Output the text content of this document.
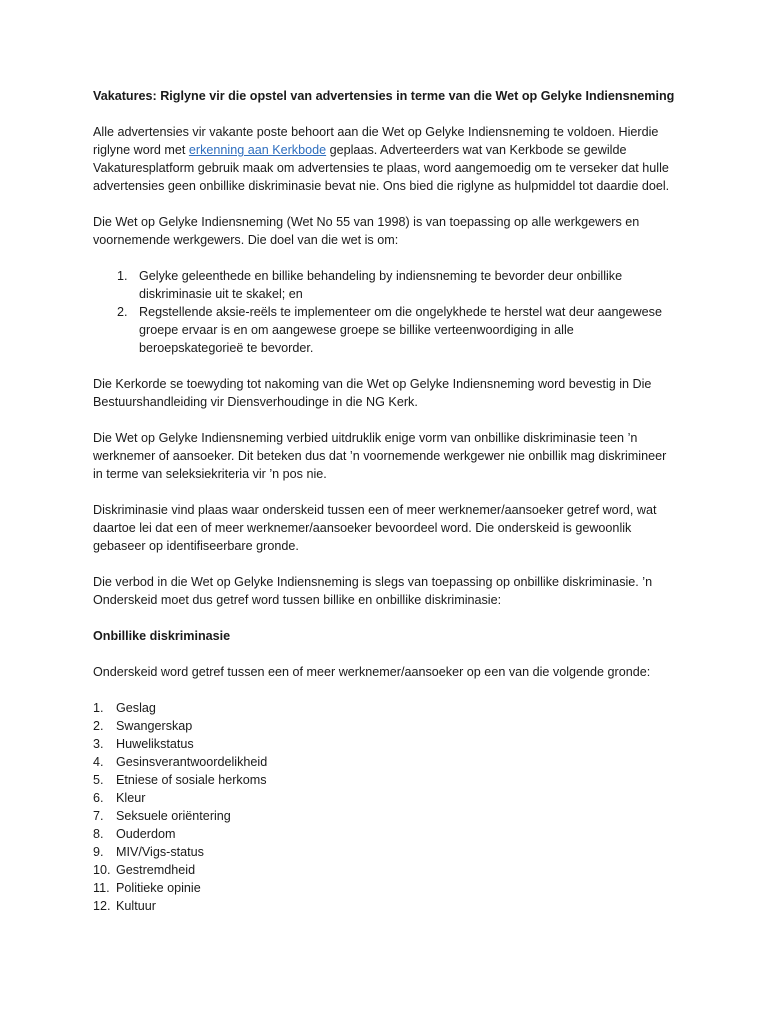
Vakatures: Riglyne vir die opstel van advertensies in terme van die Wet op Gelyke Indiensneming

Alle advertensies vir vakante poste behoort aan die Wet op Gelyke Indiensneming te voldoen. Hierdie riglyne word met erkenning aan Kerkbode geplaas. Adverteerders wat van Kerkbode se gewilde Vakaturesplatform gebruik maak om advertensies te plaas, word aangemoedig om te verseker dat hulle advertensies geen onbillike diskriminasie bevat nie. Ons bied die riglyne as hulpmiddel tot daardie doel.

Die Wet op Gelyke Indiensneming (Wet No 55 van 1998) is van toepassing op alle werkgewers en voornemende werkgewers. Die doel van die wet is om:

1. Gelyke geleenthede en billike behandeling by indiensneming te bevorder deur onbillike diskriminasie uit te skakel; en
2. Regstellende aksie-reëls te implementeer om die ongelykhede te herstel wat deur aangewese groepe ervaar is en om aangewese groepe se billike verteenwoordiging in alle beroepskategorieë te bevorder.

Die Kerkorde se toewyding tot nakoming van die Wet op Gelyke Indiensneming word bevestig in Die Bestuurshandleiding vir Diensverhoudinge in die NG Kerk.

Die Wet op Gelyke Indiensneming verbied uitdruklik enige vorm van onbillike diskriminasie teen ’n werknemer of aansoeker. Dit beteken dus dat ’n voornemende werkgewer nie onbillik mag diskrimineer in terme van seleksiekriteria vir ’n pos nie.

Diskriminasie vind plaas waar onderskeid tussen een of meer werknemer/aansoeker getref word, wat daartoe lei dat een of meer werknemer/aansoeker bevoordeel word. Die onderskeid is gewoonlik gebaseer op identifiseerbare gronde.

Die verbod in die Wet op Gelyke Indiensneming is slegs van toepassing op onbillike diskriminasie. ’n Onderskeid moet dus getref word tussen billike en onbillike diskriminasie:

Onbillike diskriminasie

Onderskeid word getref tussen een of meer werknemer/aansoeker op een van die volgende gronde:

1. Geslag
2. Swangerskap
3. Huwelikstatus
4. Gesinsverantwoordelikheid
5. Etniese of sosiale herkoms
6. Kleur
7. Seksuele oriëntering
8. Ouderdom
9. MIV/Vigs-status
10. Gestremdheid
11. Politieke opinie
12. Kultuur
